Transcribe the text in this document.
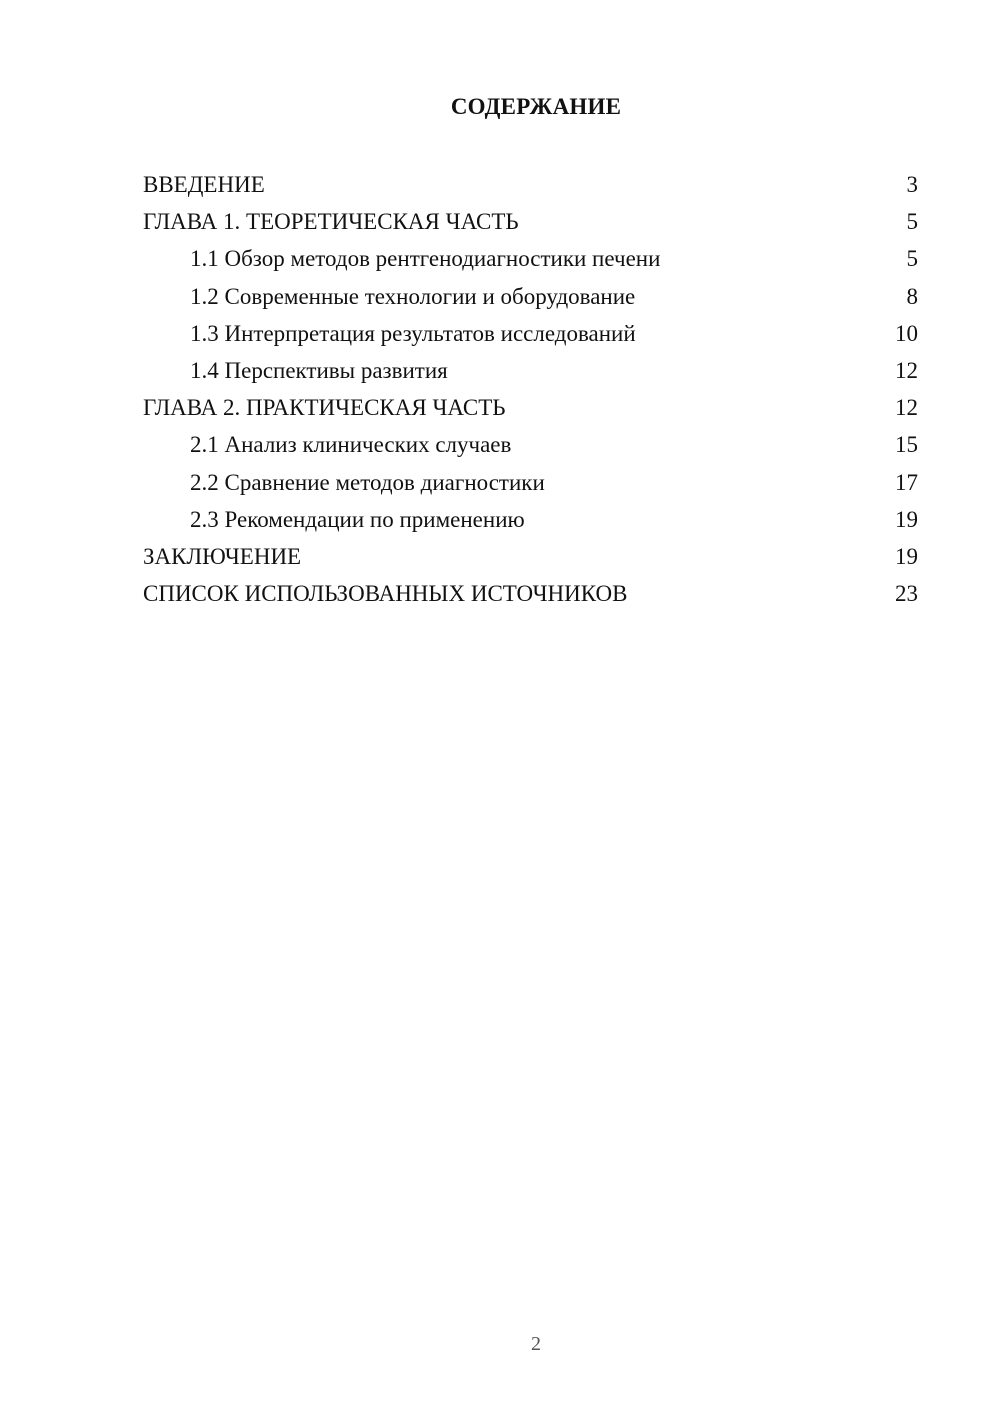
СОДЕРЖАНИЕ
ВВЕДЕНИЕ	3
ГЛАВА 1. ТЕОРЕТИЧЕСКАЯ ЧАСТЬ	5
1.1 Обзор методов рентгенодиагностики печени	5
1.2 Современные технологии и оборудование	8
1.3 Интерпретация результатов исследований	10
1.4 Перспективы развития	12
ГЛАВА 2. ПРАКТИЧЕСКАЯ ЧАСТЬ	12
2.1 Анализ клинических случаев	15
2.2 Сравнение методов диагностики	17
2.3 Рекомендации по применению	19
ЗАКЛЮЧЕНИЕ	19
СПИСОК ИСПОЛЬЗОВАННЫХ ИСТОЧНИКОВ	23
2
